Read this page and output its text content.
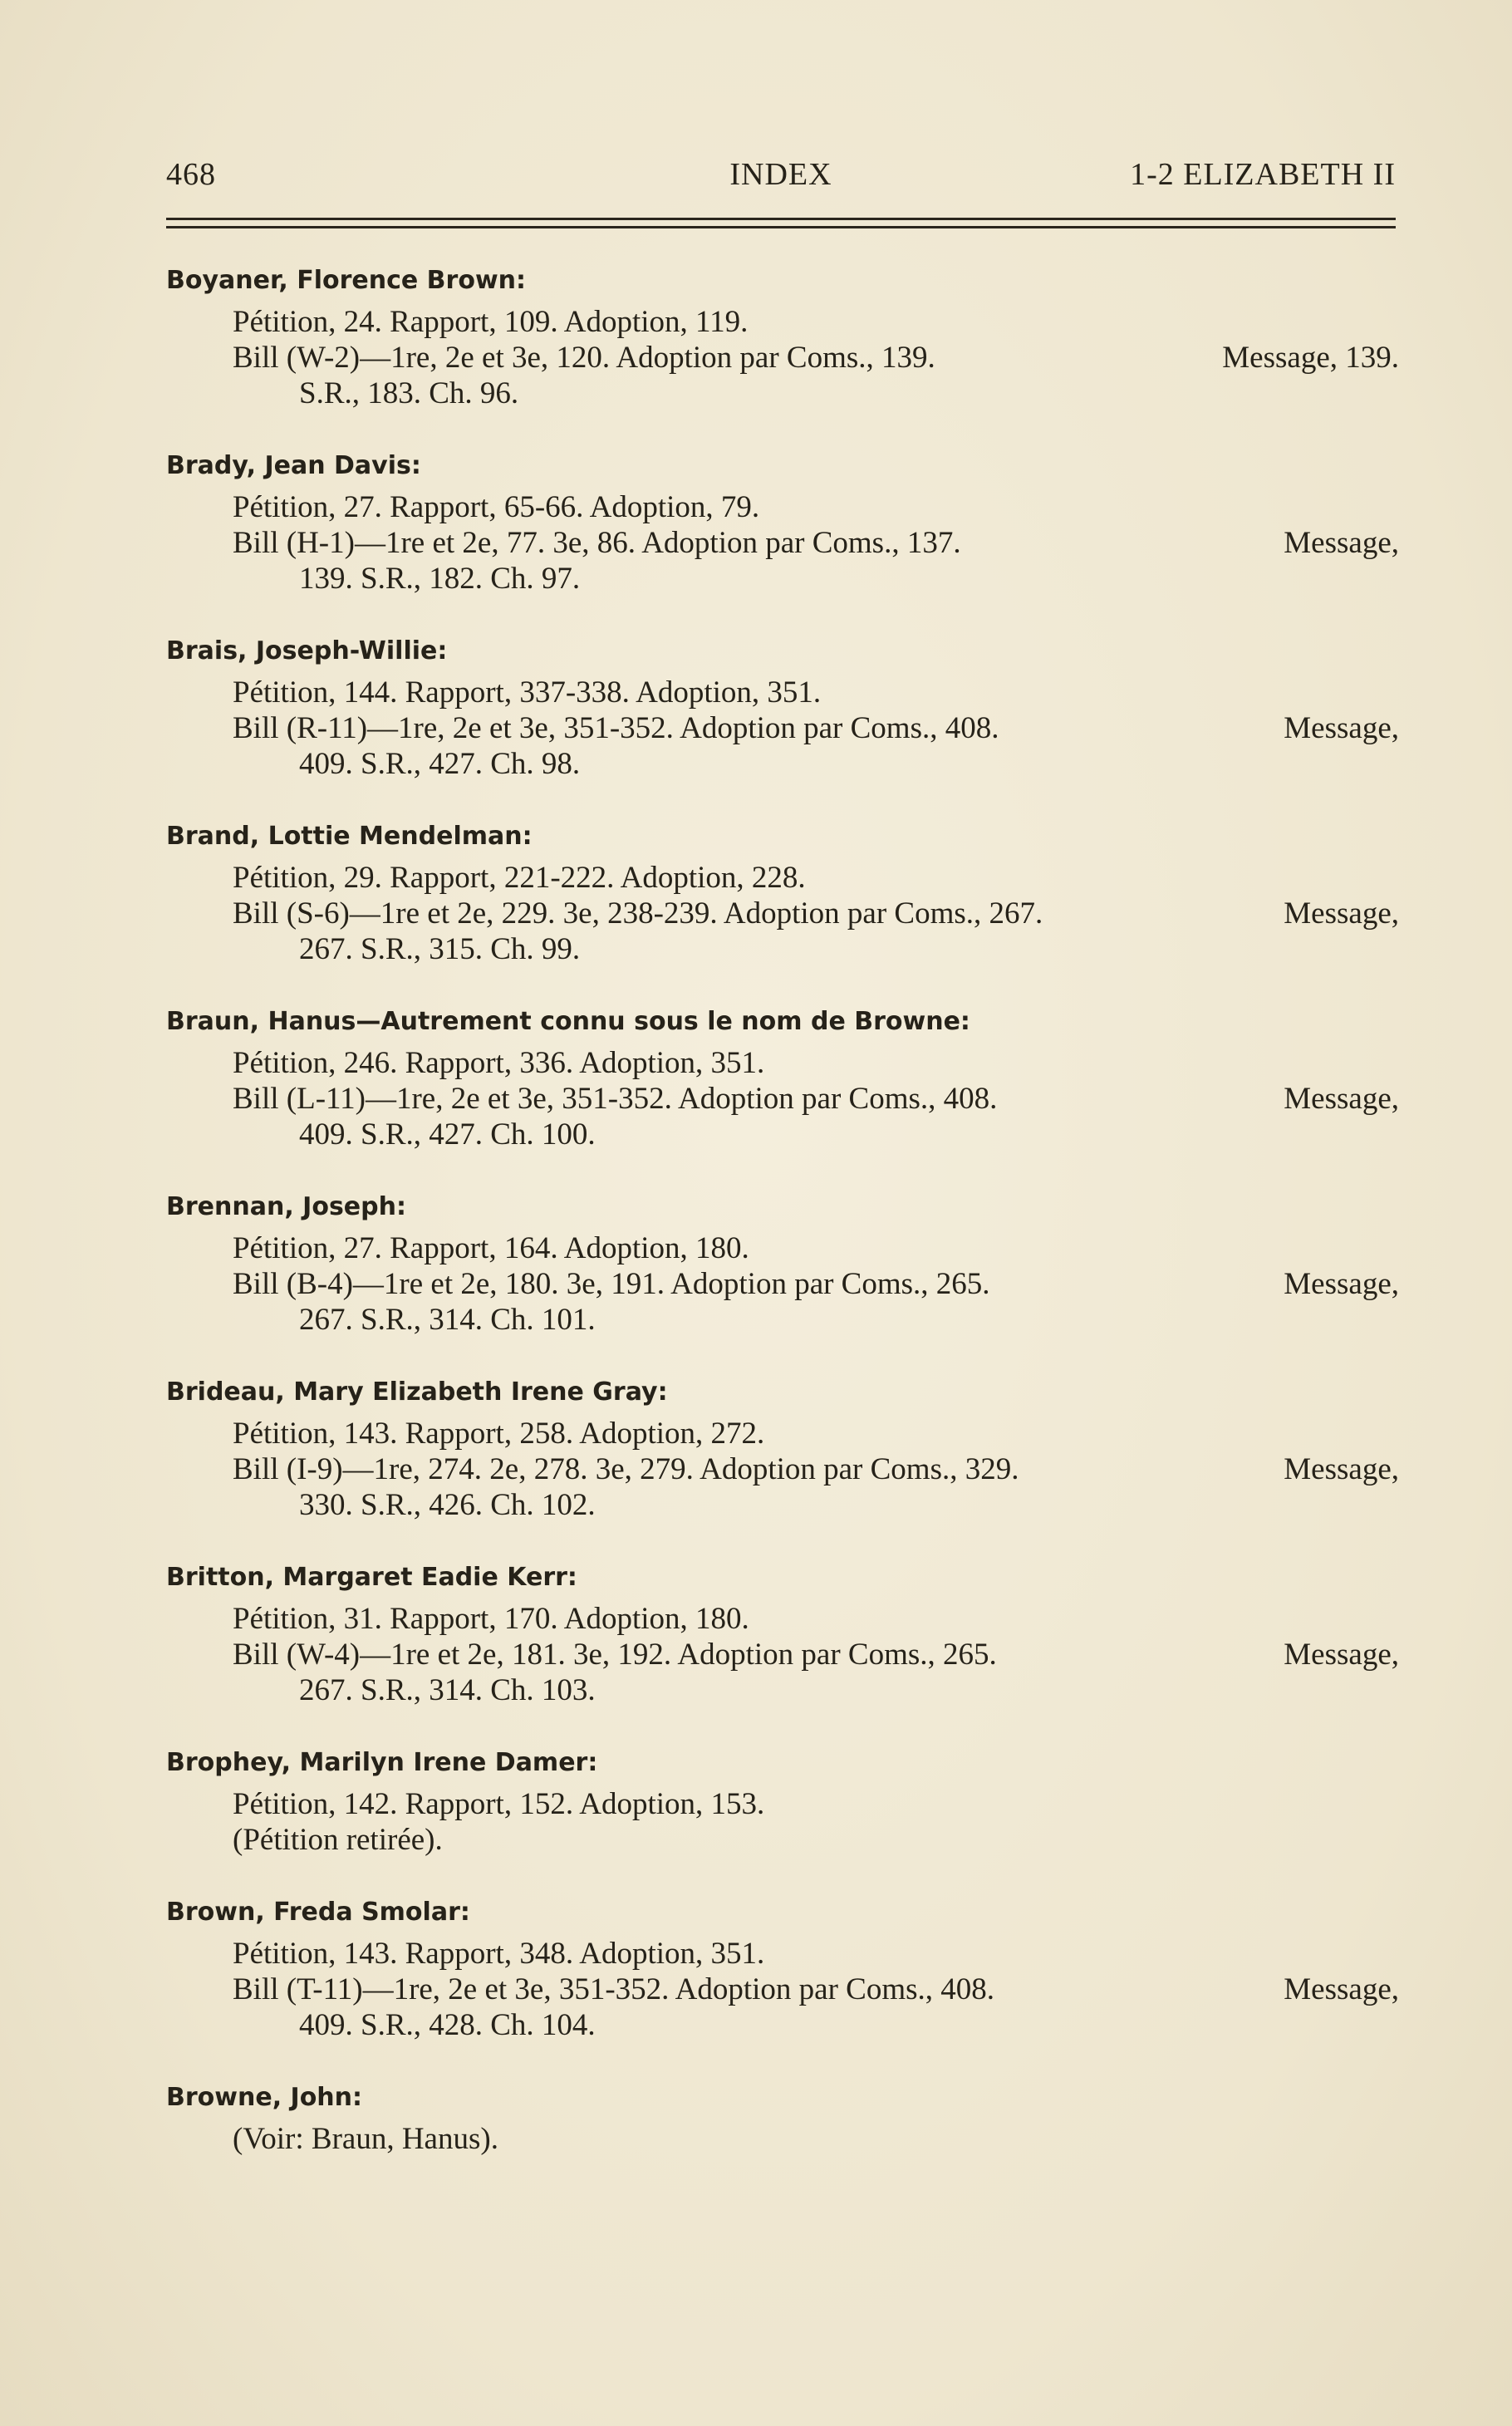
468	INDEX	1-2 ELIZABETH II
Boyaner, Florence Brown:
Pétition, 24. Rapport, 109. Adoption, 119.
Bill (W-2)—1re, 2e et 3e, 120. Adoption par Coms., 139.	Message, 139.
S.R., 183. Ch. 96.
Brady, Jean Davis:
Pétition, 27. Rapport, 65-66. Adoption, 79.
Bill (H-1)—1re et 2e, 77. 3e, 86. Adoption par Coms., 137.	Message,
139. S.R., 182. Ch. 97.
Brais, Joseph-Willie:
Pétition, 144. Rapport, 337-338. Adoption, 351.
Bill (R-11)—1re, 2e et 3e, 351-352. Adoption par Coms., 408.	Message,
409. S.R., 427. Ch. 98.
Brand, Lottie Mendelman:
Pétition, 29. Rapport, 221-222. Adoption, 228.
Bill (S-6)—1re et 2e, 229. 3e, 238-239. Adoption par Coms., 267.	Message,
267. S.R., 315. Ch. 99.
Braun, Hanus—Autrement connu sous le nom de Browne:
Pétition, 246. Rapport, 336. Adoption, 351.
Bill (L-11)—1re, 2e et 3e, 351-352. Adoption par Coms., 408.	Message,
409. S.R., 427. Ch. 100.
Brennan, Joseph:
Pétition, 27. Rapport, 164. Adoption, 180.
Bill (B-4)—1re et 2e, 180. 3e, 191. Adoption par Coms., 265.	Message,
267. S.R., 314. Ch. 101.
Brideau, Mary Elizabeth Irene Gray:
Pétition, 143. Rapport, 258. Adoption, 272.
Bill (I-9)—1re, 274. 2e, 278. 3e, 279. Adoption par Coms., 329.	Message,
330. S.R., 426. Ch. 102.
Britton, Margaret Eadie Kerr:
Pétition, 31. Rapport, 170. Adoption, 180.
Bill (W-4)—1re et 2e, 181. 3e, 192. Adoption par Coms., 265.	Message,
267. S.R., 314. Ch. 103.
Brophey, Marilyn Irene Damer:
Pétition, 142. Rapport, 152. Adoption, 153.
(Pétition retirée).
Brown, Freda Smolar:
Pétition, 143. Rapport, 348. Adoption, 351.
Bill (T-11)—1re, 2e et 3e, 351-352. Adoption par Coms., 408.	Message,
409. S.R., 428. Ch. 104.
Browne, John:
(Voir: Braun, Hanus).
